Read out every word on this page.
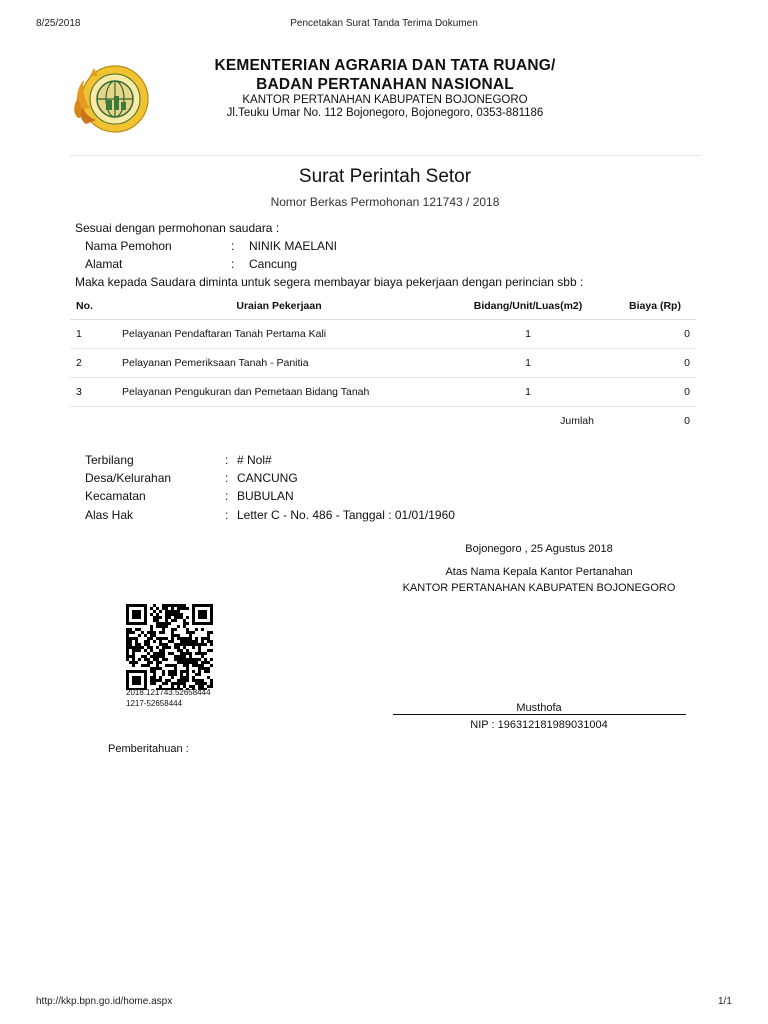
8/25/2018	Pencetakan Surat Tanda Terima Dokumen
KEMENTERIAN AGRARIA DAN TATA RUANG/
BADAN PERTANAHAN NASIONAL
KANTOR PERTANAHAN KABUPATEN BOJONEGORO
Jl.Teuku Umar No. 112 Bojonegoro, Bojonegoro, 0353-881186
Surat Perintah Setor
Nomor Berkas Permohonan 121743 / 2018
Sesuai dengan permohonan saudara :
Nama Pemohon	: NINIK MAELANI
Alamat	: Cancung
Maka kepada Saudara diminta untuk segera membayar biaya pekerjaan dengan perincian sbb :
No.	Uraian Pekerjaan	Bidang/Unit/Luas(m2)	Biaya (Rp)
1	Pelayanan Pendaftaran Tanah Pertama Kali	1	0
2	Pelayanan Pemeriksaan Tanah - Panitia	1	0
3	Pelayanan Pengukuran dan Pemetaan Bidang Tanah	1	0
		Jumlah	0
Terbilang	: # Nol#
Desa/Kelurahan	: CANCUNG
Kecamatan	: BUBULAN
Alas Hak	: Letter C - No. 486 - Tanggal : 01/01/1960
Bojonegoro , 25 Agustus 2018
Atas Nama Kepala Kantor Pertanahan
KANTOR PERTANAHAN KABUPATEN BOJONEGORO
2018.121743.52658444
1217-52658444	Musthofa
NIP : 196312181989031004
Pemberitahuan :
http://kkp.bpn.go.id/home.aspx	1/1
